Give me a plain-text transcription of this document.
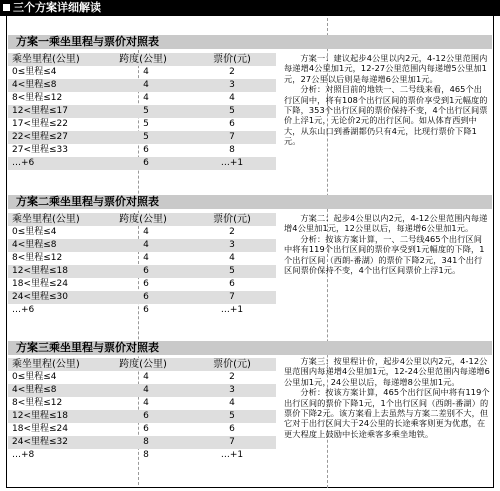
三个方案详细解读
方案一乘坐里程与票价对照表
乘坐里程(公里)	跨度(公里)	票价(元)
0≤里程≤4	4	2
4<里程≤8	4	3
8<里程≤12	4	4
12<里程≤17	5	5
17<里程≤22	5	6
22<里程≤27	5	7
27<里程≤33	6	8
…+6	6	…+1

方案一：建议起步4公里以内2元，4-12公里范围内每递增4公里加1元，12-27公里范围内每递增5公里加1元，27公里以后则是每递增6公里加1元。

分析：对照目前的地铁一、二号线来看，465个出行区间中，将有108个出行区间的票价享受到1元幅度的下降，353个出行区间的票价保持不变，4个出行区间票价上浮1元，无论价2元的出行区间。如从体育西到中大，从东山口到番湖都仍只有4元，比现行票价下降1元。

方案二乘坐里程与票价对照表
乘坐里程(公里)	跨度(公里)	票价(元)
0≤里程≤4	4	2
4<里程≤8	4	3
8<里程≤12	4	4
12<里程≤18	6	5
18<里程≤24	6	6
24<里程≤30	6	7
…+6	6	…+1

方案二：起步4公里以内2元，4-12公里范围内每递增4公里加1元，12公里以后，每递增6公里加1元。

分析：按该方案计算，一、二号线465个出行区间中将有119个出行区间的票价享受到1元幅度的下降，1个出行区间（西朗-番湖）的票价下降2元，341个出行区间票价保持不变，4个出行区间票价上浮1元。

方案三乘坐里程与票价对照表
乘坐里程(公里)	跨度(公里)	票价(元)
0≤里程≤4	4	2
4<里程≤8	4	3
8<里程≤12	4	4
12<里程≤18	6	5
18<里程≤24	6	6
24<里程≤32	8	7
…+8	8	…+1

方案三：按里程计价，起步4公里以内2元，4-12公里范围内每递增4公里加1元，12-24公里范围内每递增6公里加1元，24公里以后，每递增8公里加1元。

分析：按该方案计算，465个出行区间中将有119个出行区间的票价下降1元，1个出行区间（西朗-番湖）的票价下降2元。该方案看上去虽然与方案二差别不大，但它对于出行区间大于24公里的长途乘客则更为优惠，在更大程度上鼓励中长途乘客多乘坐地铁。
